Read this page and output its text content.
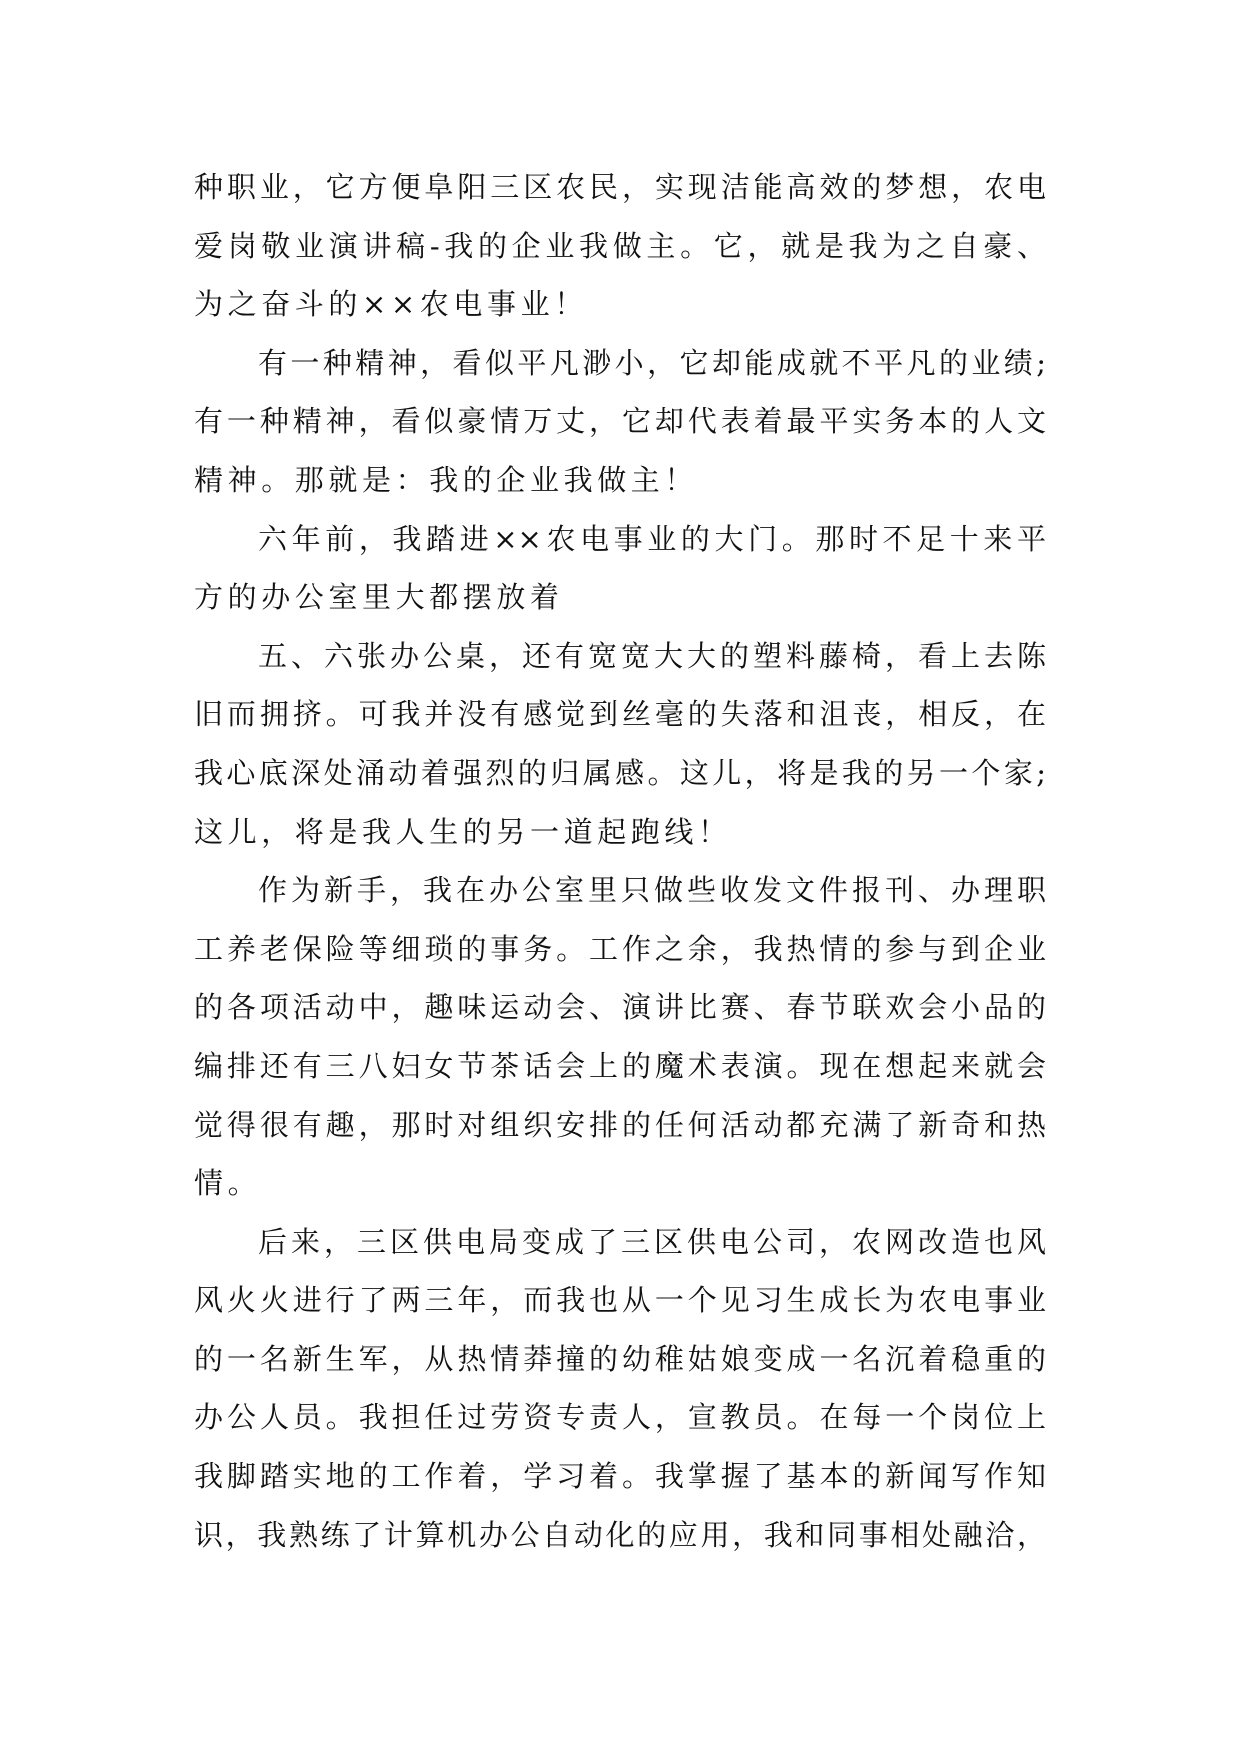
种职业，它方便阜阳三区农民，实现洁能高效的梦想，农电
爱岗敬业演讲稿-我的企业我做主。它，就是我为之自豪、
为之奋斗的××农电事业！
有一种精神，看似平凡渺小，它却能成就不平凡的业绩;
有一种精神，看似豪情万丈，它却代表着最平实务本的人文
精神。那就是：我的企业我做主！
六年前，我踏进××农电事业的大门。那时不足十来平
方的办公室里大都摆放着
五、六张办公桌，还有宽宽大大的塑料藤椅，看上去陈
旧而拥挤。可我并没有感觉到丝毫的失落和沮丧，相反，在
我心底深处涌动着强烈的归属感。这儿，将是我的另一个家;
这儿，将是我人生的另一道起跑线！
作为新手，我在办公室里只做些收发文件报刊、办理职
工养老保险等细琐的事务。工作之余，我热情的参与到企业
的各项活动中，趣味运动会、演讲比赛、春节联欢会小品的
编排还有三八妇女节茶话会上的魔术表演。现在想起来就会
觉得很有趣，那时对组织安排的任何活动都充满了新奇和热
情。
后来，三区供电局变成了三区供电公司，农网改造也风
风火火进行了两三年，而我也从一个见习生成长为农电事业
的一名新生军，从热情莽撞的幼稚姑娘变成一名沉着稳重的
办公人员。我担任过劳资专责人，宣教员。在每一个岗位上
我脚踏实地的工作着，学习着。我掌握了基本的新闻写作知
识，我熟练了计算机办公自动化的应用，我和同事相处融洽，
